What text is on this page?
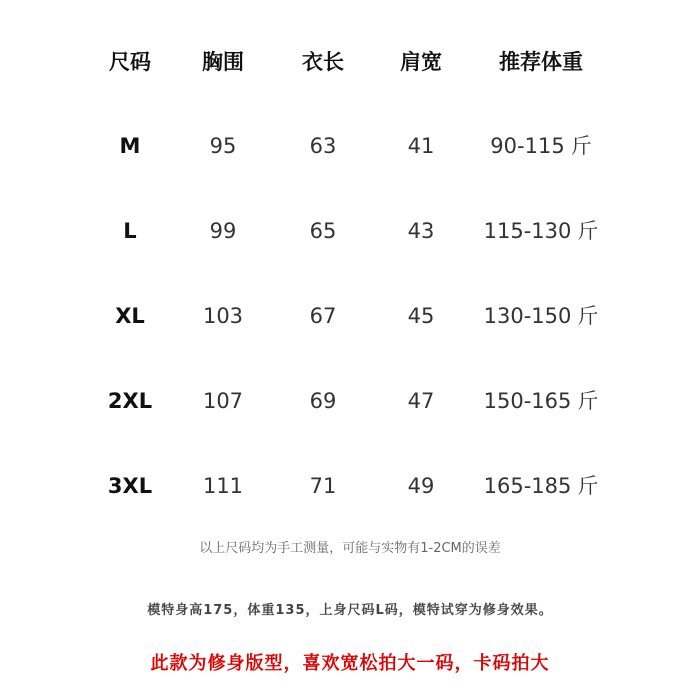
尺码 胸围	衣长	肩宽	推荐体重
M	95	63	41	90-115 斤
L	99	65	43 115-130 斤
XL	103	67	45 130-150 斤
2XL 107	69	47 150-165 斤
3XL 111	71	49 165-185 斤
以上尺码均为手工测量，可能与实物有1-2CM的误差
模特身高175，体重135，上身尺码L码，模特试穿为修身效果。
此款为修身版型，喜欢宽松拍大一码，卡码拍大
